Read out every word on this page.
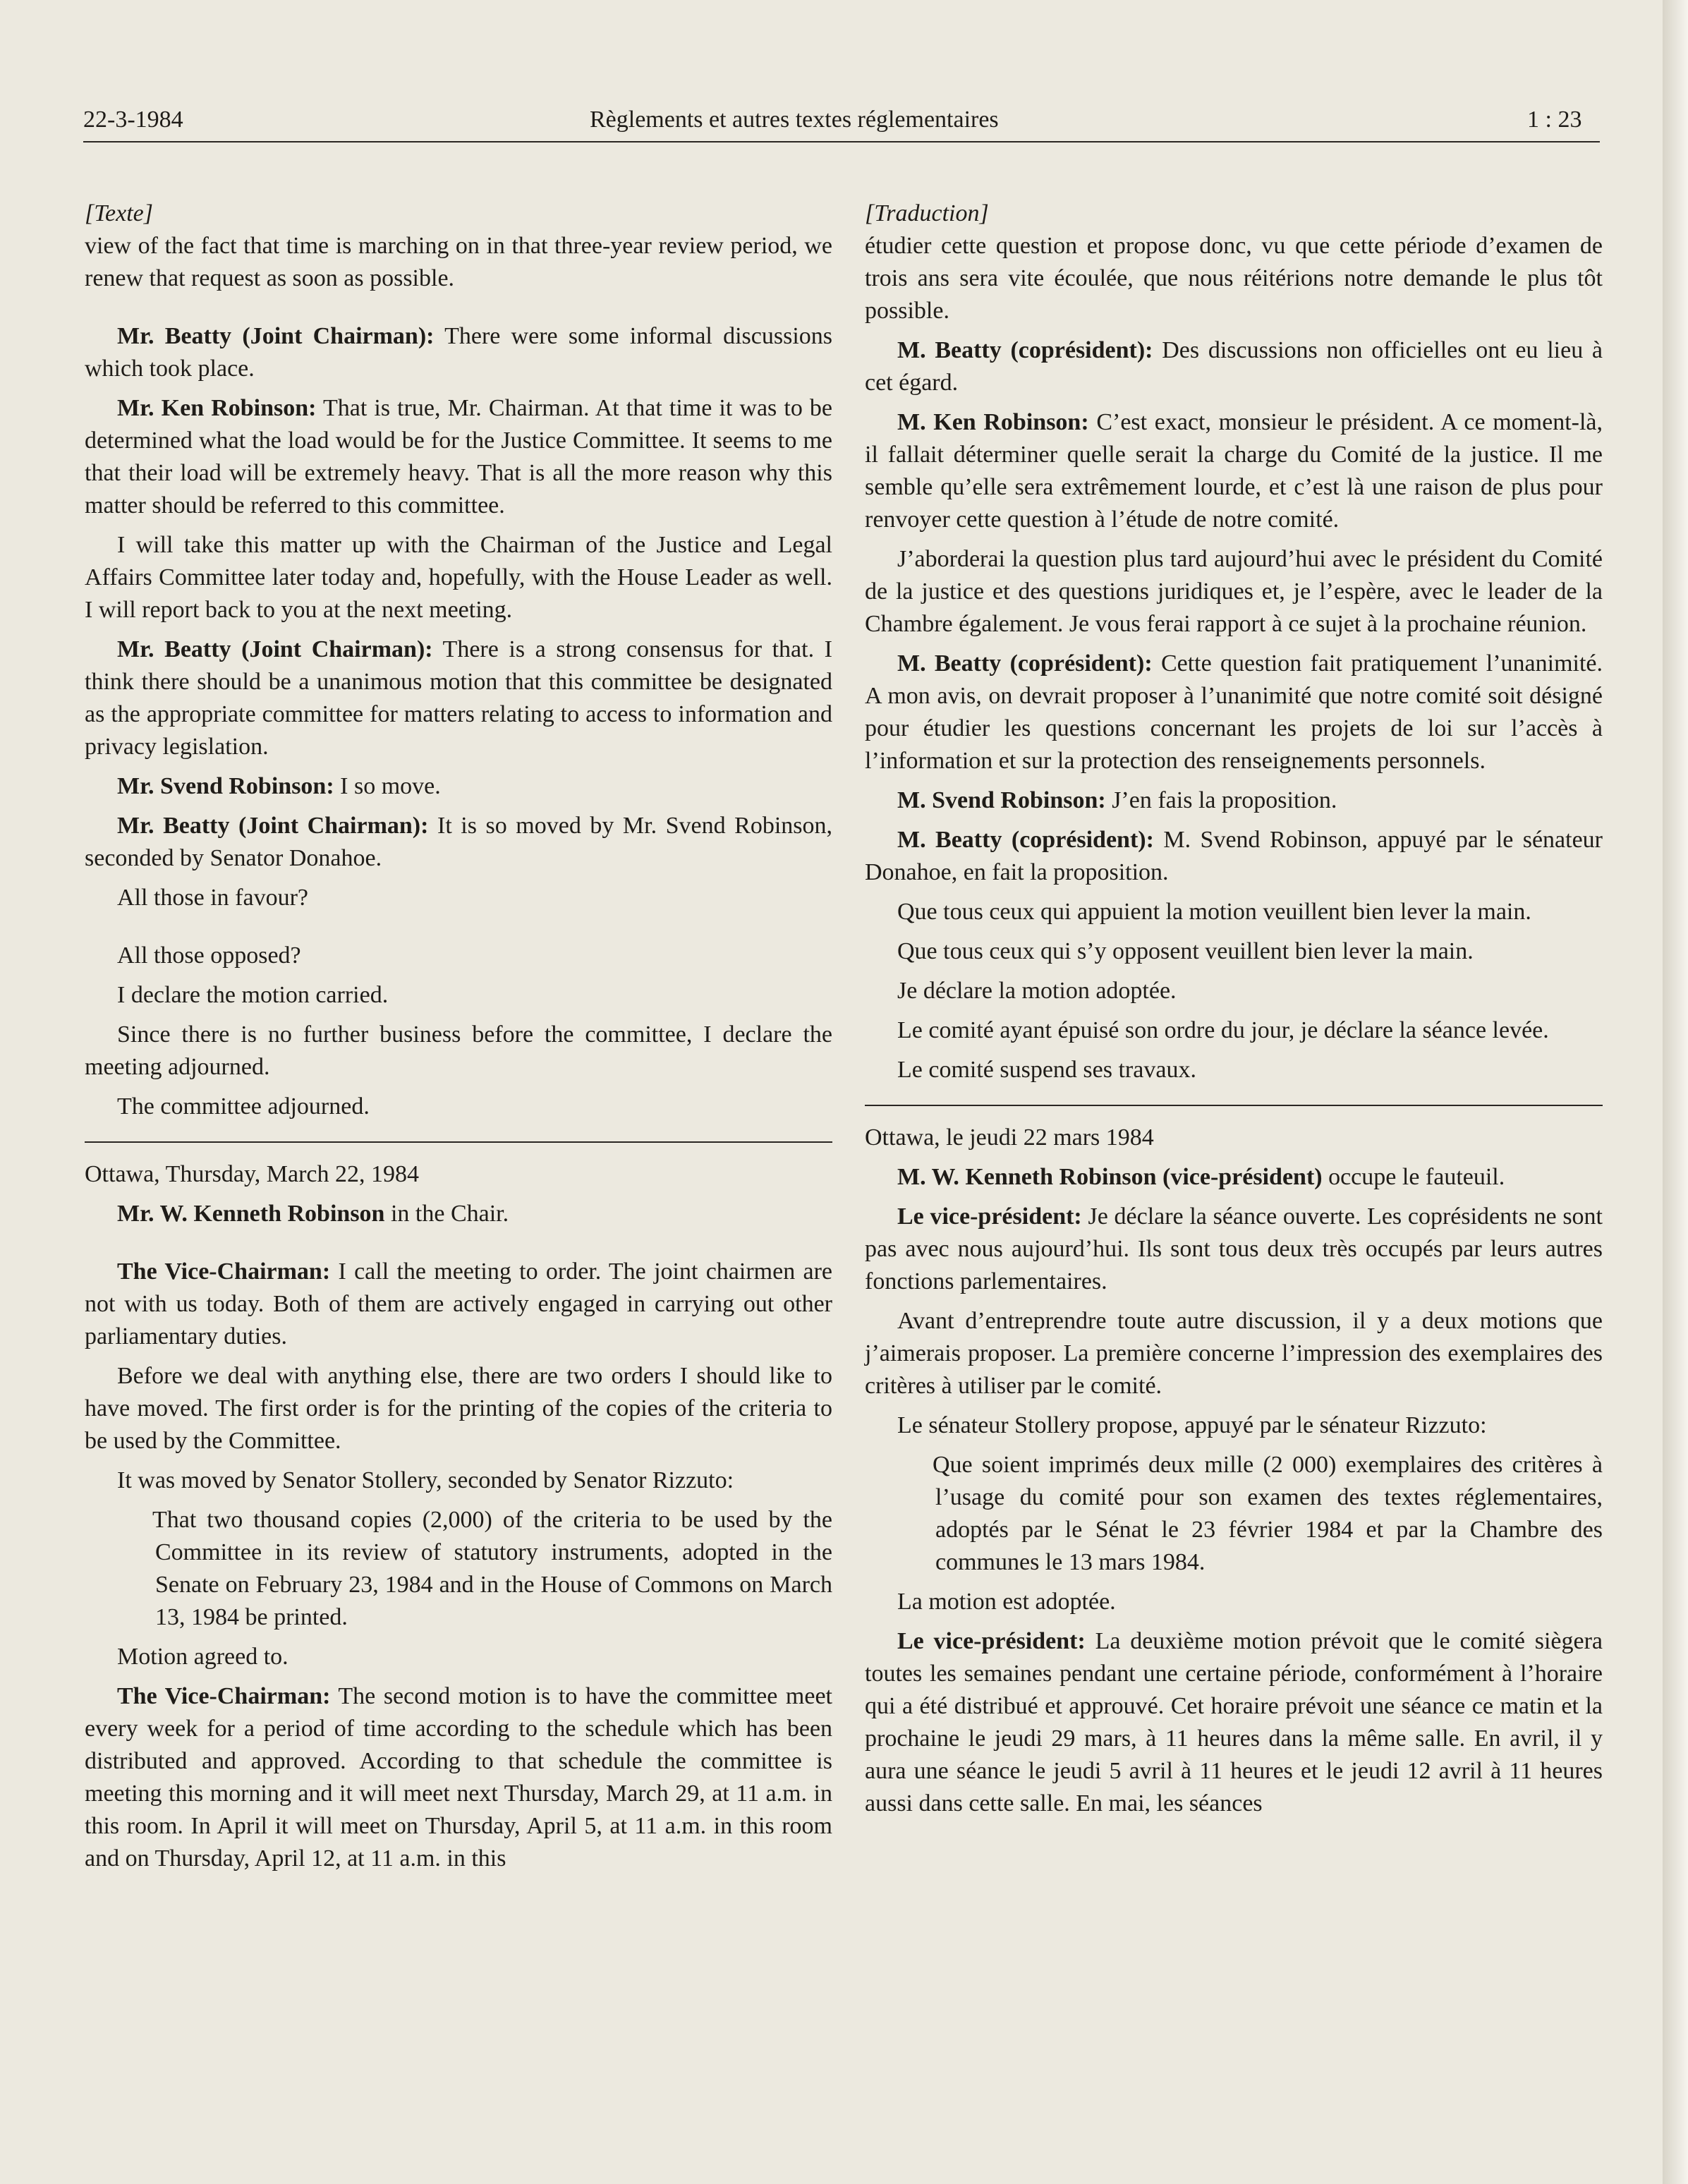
22-3-1984	Règlements et autres textes réglementaires	1 : 23

[Texte]

view of the fact that time is marching on in that three-year review period, we renew that request as soon as possible.

Mr. Beatty (Joint Chairman): There were some informal discussions which took place.

Mr. Ken Robinson: That is true, Mr. Chairman. At that time it was to be determined what the load would be for the Justice Committee. It seems to me that their load will be extremely heavy. That is all the more reason why this matter should be referred to this committee.

I will take this matter up with the Chairman of the Justice and Legal Affairs Committee later today and, hopefully, with the House Leader as well. I will report back to you at the next meeting.

Mr. Beatty (Joint Chairman): There is a strong consensus for that. I think there should be a unanimous motion that this committee be designated as the appropriate committee for matters relating to access to information and privacy legislation.

Mr. Svend Robinson: I so move.

Mr. Beatty (Joint Chairman): It is so moved by Mr. Svend Robinson, seconded by Senator Donahoe.

All those in favour?

All those opposed?

I declare the motion carried.

Since there is no further business before the committee, I declare the meeting adjourned.

The committee adjourned.

Ottawa, Thursday, March 22, 1984

Mr. W. Kenneth Robinson in the Chair.

The Vice-Chairman: I call the meeting to order. The joint chairmen are not with us today. Both of them are actively engaged in carrying out other parliamentary duties.

Before we deal with anything else, there are two orders I should like to have moved. The first order is for the printing of the copies of the criteria to be used by the Committee.

It was moved by Senator Stollery, seconded by Senator Rizzuto:

That two thousand copies (2,000) of the criteria to be used by the Committee in its review of statutory instruments, adopted in the Senate on February 23, 1984 and in the House of Commons on March 13, 1984 be printed.

Motion agreed to.

The Vice-Chairman: The second motion is to have the committee meet every week for a period of time according to the schedule which has been distributed and approved. According to that schedule the committee is meeting this morning and it will meet next Thursday, March 29, at 11 a.m. in this room. In April it will meet on Thursday, April 5, at 11 a.m. in this room and on Thursday, April 12, at 11 a.m. in this

[Traduction]

étudier cette question et propose donc, vu que cette période d’examen de trois ans sera vite écoulée, que nous réitérions notre demande le plus tôt possible.

M. Beatty (coprésident): Des discussions non officielles ont eu lieu à cet égard.

M. Ken Robinson: C’est exact, monsieur le président. A ce moment-là, il fallait déterminer quelle serait la charge du Comité de la justice. Il me semble qu’elle sera extrêmement lourde, et c’est là une raison de plus pour renvoyer cette question à l’étude de notre comité.

J’aborderai la question plus tard aujourd’hui avec le président du Comité de la justice et des questions juridiques et, je l’espère, avec le leader de la Chambre également. Je vous ferai rapport à ce sujet à la prochaine réunion.

M. Beatty (coprésident): Cette question fait pratiquement l’unanimité. A mon avis, on devrait proposer à l’unanimité que notre comité soit désigné pour étudier les questions concernant les projets de loi sur l’accès à l’information et sur la protection des renseignements personnels.

M. Svend Robinson: J’en fais la proposition.

M. Beatty (coprésident): M. Svend Robinson, appuyé par le sénateur Donahoe, en fait la proposition.

Que tous ceux qui appuient la motion veuillent bien lever la main.

Que tous ceux qui s’y opposent veuillent bien lever la main.

Je déclare la motion adoptée.

Le comité ayant épuisé son ordre du jour, je déclare la séance levée.

Le comité suspend ses travaux.

Ottawa, le jeudi 22 mars 1984

M. W. Kenneth Robinson (vice-président) occupe le fauteuil.

Le vice-président: Je déclare la séance ouverte. Les coprésidents ne sont pas avec nous aujourd’hui. Ils sont tous deux très occupés par leurs autres fonctions parlementaires.

Avant d’entreprendre toute autre discussion, il y a deux motions que j’aimerais proposer. La première concerne l’impression des exemplaires des critères à utiliser par le comité.

Le sénateur Stollery propose, appuyé par le sénateur Rizzuto:

Que soient imprimés deux mille (2 000) exemplaires des critères à l’usage du comité pour son examen des textes réglementaires, adoptés par le Sénat le 23 février 1984 et par la Chambre des communes le 13 mars 1984.

La motion est adoptée.

Le vice-président: La deuxième motion prévoit que le comité siègera toutes les semaines pendant une certaine période, conformément à l’horaire qui a été distribué et approuvé. Cet horaire prévoit une séance ce matin et la prochaine le jeudi 29 mars, à 11 heures dans la même salle. En avril, il y aura une séance le jeudi 5 avril à 11 heures et le jeudi 12 avril à 11 heures aussi dans cette salle. En mai, les séances
